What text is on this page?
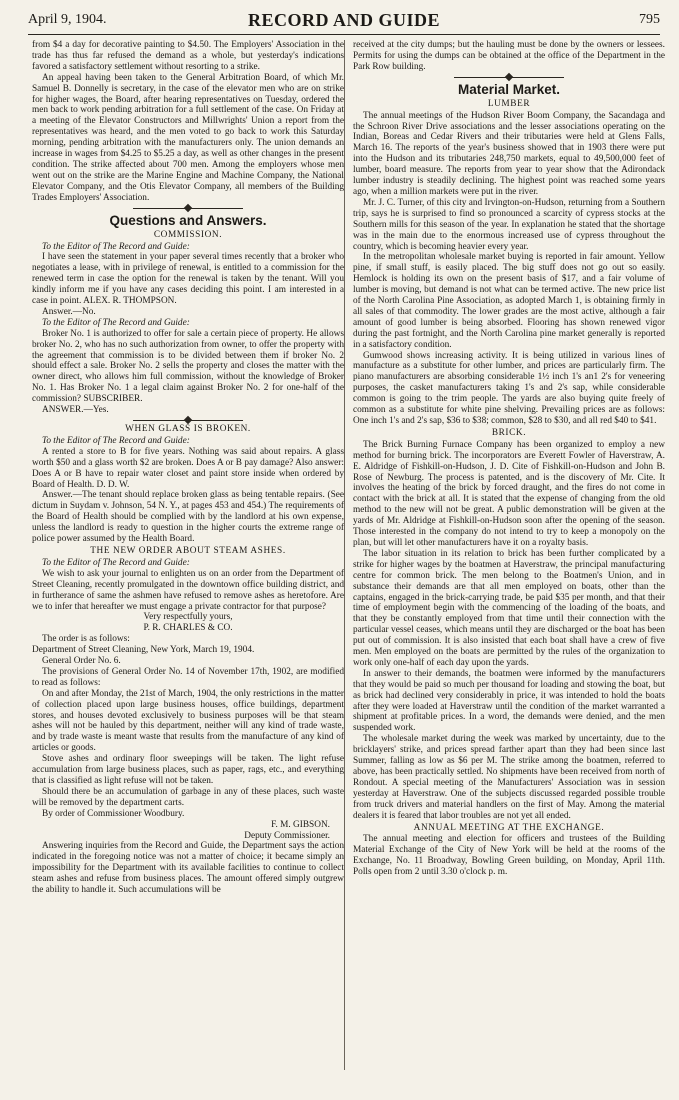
April 9, 1904.	RECORD AND GUIDE	795

from $4 a day for decorative painting to $4.50. The Employers' Association in the trade has thus far refused the demand as a whole, but yesterday's indications favored a satisfactory settlement without resorting to a strike.

An appeal having been taken to the General Arbitration Board, of which Mr. Samuel B. Donnelly is secretary, in the case of the elevator men who are on strike for higher wages, the Board, after hearing representatives on Tuesday, ordered the men back to work pending arbitration for a full settlement of the case. On Friday at a meeting of the Elevator Constructors and Millwrights' Union a report from the representatives was heard, and the men voted to go back to work this Saturday morning, pending arbitration with the manufacturers only. The union demands an increase in wages from $4.25 to $5.25 a day, as well as other changes in the present condition. The strike affected about 700 men. Among the employers whose men went out on the strike are the Marine Engine and Machine Company, the National Elevator Company, and the Otis Elevator Company, all members of the Building Trades Employers' Association.

Questions and Answers.

COMMISSION.

To the Editor of The Record and Guide:

I have seen the statement in your paper several times recently that a broker who negotiates a lease, with in privilege of renewal, is entitled to a commission for the renewed term in case the option for the renewal is taken by the tenant. Will you kindly inform me if you have any cases deciding this point. I am interested in a case in point. ALEX. R. THOMPSON.

Answer.—No.

To the Editor of The Record and Guide:

Broker No. 1 is authorized to offer for sale a certain piece of property. He allows broker No. 2, who has no such authorization from owner, to offer the property with the agreement that commission is to be divided between them if broker No. 2 should effect a sale. Broker No. 2 sells the property and closes the matter with the owner direct, who allows him full commission, without the knowledge of Broker No. 1. Has Broker No. 1 a legal claim against Broker No. 2 for one-half of the commission? SUBSCRIBER.

ANSWER.—Yes.

WHEN GLASS IS BROKEN.

To the Editor of The Record and Guide:

A rented a store to B for five years. Nothing was said about repairs. A glass worth $50 and a glass worth $2 are broken. Does A or B pay damage? Also answer: Does A or B have to repair water closet and paint store inside when ordered by Board of Health. D. D. W.

Answer.—The tenant should replace broken glass as being tentable repairs. (See dictum in Suydam v. Johnson, 54 N. Y., at pages 453 and 454.) The requirements of the Board of Health should be complied with by the landlord at his own expense, unless the landlord is ready to question in the higher courts the extreme range of police power assumed by the Health Board.

THE NEW ORDER ABOUT STEAM ASHES.

To the Editor of The Record and Guide:

We wish to ask your journal to enlighten us on an order from the Department of Street Cleaning, recently promulgated in the downtown office building district, and in furtherance of same the ashmen have refused to remove ashes as heretofore. Are we to infer that hereafter we must engage a private contractor for that purpose?

Very respectfully yours,

P. R. CHARLES & CO.

The order is as follows:

Department of Street Cleaning, New York, March 19, 1904.

General Order No. 6.

The provisions of General Order No. 14 of November 17th, 1902, are modified to read as follows:

On and after Monday, the 21st of March, 1904, the only restrictions in the matter of collection placed upon large business houses, office buildings, department stores, and houses devoted exclusively to business purposes will be that steam ashes will not be hauled by this department, neither will any kind of trade waste, and by trade waste is meant waste that results from the manufacture of any kind of articles or goods.

Stove ashes and ordinary floor sweepings will be taken. The light refuse accumulation from large business places, such as paper, rags, etc., and everything that is classified as light refuse will not be taken.

Should there be an accumulation of garbage in any of these places, such waste will be removed by the department carts.

By order of Commissioner Woodbury.

F. M. GIBSON.

Deputy Commissioner.

Answering inquiries from the Record and Guide, the Department says the action indicated in the foregoing notice was not a matter of choice; it became simply an impossibility for the Department with its available facilities to continue to collect steam ashes and refuse from business places. The amount offered simply outgrew the ability to handle it. Such accumulations will be

received at the city dumps; but the hauling must be done by the owners or lessees. Permits for using the dumps can be obtained at the office of the Department in the Park Row building.

Material Market.

LUMBER

The annual meetings of the Hudson River Boom Company, the Sacandaga and the Schroon River Drive associations and the lesser associations operating on the Indian, Boreas and Cedar Rivers and their tributaries were held at Glens Falls, March 16. The reports of the year's business showed that in 1903 there were put into the Hudson and its tributaries 248,750 markets, equal to 49,500,000 feet of lumber, board measure. The reports from year to year show that the Adirondack lumber industry is steadily declining. The highest point was reached some years ago, when a million markets were put in the river.

Mr. J. C. Turner, of this city and Irvington-on-Hudson, returning from a Southern trip, says he is surprised to find so pronounced a scarcity of cypress stocks at the Southern mills for this season of the year. In explanation he stated that the shortage was in the main due to the enormous increased use of cypress throughout the country, which is becoming heavier every year.

In the metropolitan wholesale market buying is reported in fair amount. Yellow pine, if small stuff, is easily placed. The big stuff does not go out so easily. Hemlock is holding its own on the present basis of $17, and a fair volume of lumber is moving, but demand is not what can be termed active. The new price list of the North Carolina Pine Association, as adopted March 1, is obtaining firmly in all sales of that commodity. The lower grades are the most active, although a fair amount of good lumber is being absorbed. Flooring has shown renewed vigor during the past fortnight, and the North Carolina pine market generally is reported in a satisfactory condition.

Gumwood shows increasing activity. It is being utilized in various lines of manufacture as a substitute for other lumber, and prices are particularly firm. The piano manufacturers are absorbing considerable 1½ inch 1's an1 2's for veneering purposes, the casket manufacturers taking 1's and 2's sap, while considerable common is going to the trim people. The yards are also buying quite freely of common as a substitute for white pine shelving. Prevailing prices are as follows: One inch 1's and 2's sap, $36 to $38; common, $28 to $30, and all red $40 to $41.

BRICK.

The Brick Burning Furnace Company has been organized to employ a new method for burning brick. The incorporators are Everett Fowler of Haverstraw, A. E. Aldridge of Fishkill-on-Hudson, J. D. Cite of Fishkill-on-Hudson and John B. Rose of Newburg. The process is patented, and is the discovery of Mr. Cite. It involves the heating of the brick by forced draught, and the fires do not come in contact with the brick at all. It is stated that the expense of changing from the old method to the new will not be great. A public demonstration will be given at the yards of Mr. Aldridge at Fishkill-on-Hudson soon after the opening of the season. Those interested in the company do not intend to try to keep a monopoly on the plan, but will let other manufacturers have it on a royalty basis.

The labor situation in its relation to brick has been further complicated by a strike for higher wages by the boatmen at Haverstraw, the principal manufacturing centre for common brick. The men belong to the Boatmen's Union, and in substance their demands are that all men employed on boats, other than the captains, engaged in the brick-carrying trade, be paid $35 per month, and that their time of employment begin with the commencing of the loading of the boats, and that they be constantly employed from that time until their connection with the particular vessel ceases, which means until they are discharged or the boat has been put out of commission. It is also insisted that each boat shall have a crew of five men. Men employed on the boats are permitted by the rules of the organization to work only one-half of each day upon the yards.

In answer to their demands, the boatmen were informed by the manufacturers that they would be paid so much per thousand for loading and stowing the boat, but as brick had declined very considerably in price, it was intended to hold the boats after they were loaded at Haverstraw until the condition of the market warranted a shipment at profitable prices. In a word, the demands were denied, and the men suspended work.

The wholesale market during the week was marked by uncertainty, due to the bricklayers' strike, and prices spread farther apart than they had been since last Summer, falling as low as $6 per M. The strike among the boatmen, referred to above, has been practically settled. No shipments have been received from north of Rondout. A special meeting of the Manufacturers' Association was in session yesterday at Haverstraw. One of the subjects discussed regarded possible trouble from truck drivers and material handlers on the first of May. Among the material dealers it is feared that labor troubles are not yet all ended.

ANNUAL MEETING AT THE EXCHANGE.

The annual meeting and election for officers and trustees of the Building Material Exchange of the City of New York will be held at the rooms of the Exchange, No. 11 Broadway, Bowling Green building, on Monday, April 11th. Polls open from 2 until 3.30 o'clock p. m.
